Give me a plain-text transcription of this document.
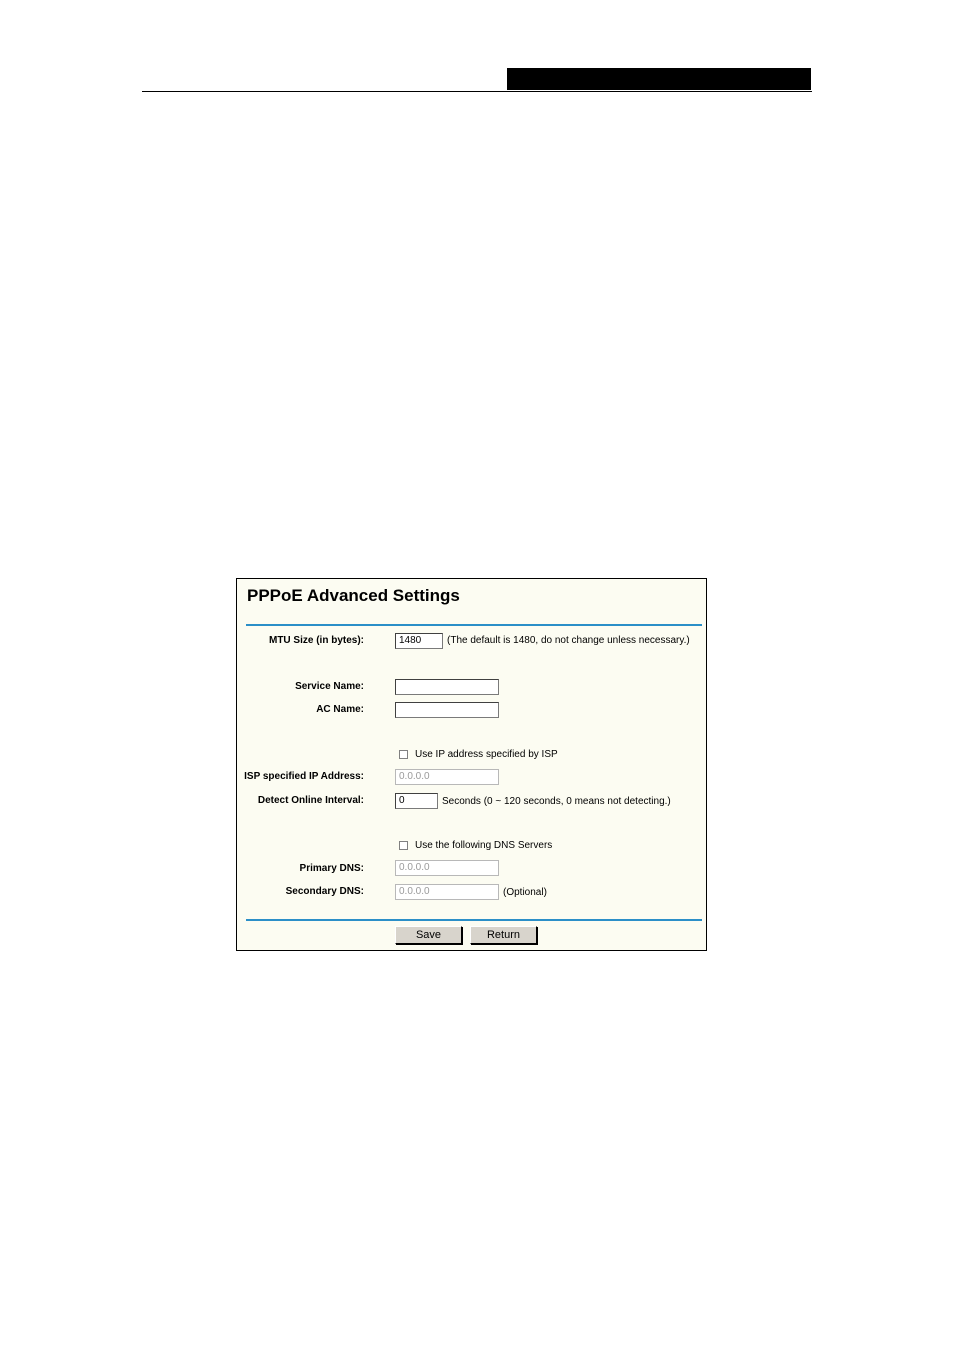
PPPoE Advanced Settings
MTU Size (in bytes):	1480	(The default is 1480, do not change unless necessary.)
Service Name:
AC Name:
Use IP address specified by ISP
ISP specified IP Address:	0.0.0.0
Detect Online Interval:	0	Seconds (0 ~ 120 seconds, 0 means not detecting.)
Use the following DNS Servers
Primary DNS:	0.0.0.0
Secondary DNS:	0.0.0.0	(Optional)
Save	Return
